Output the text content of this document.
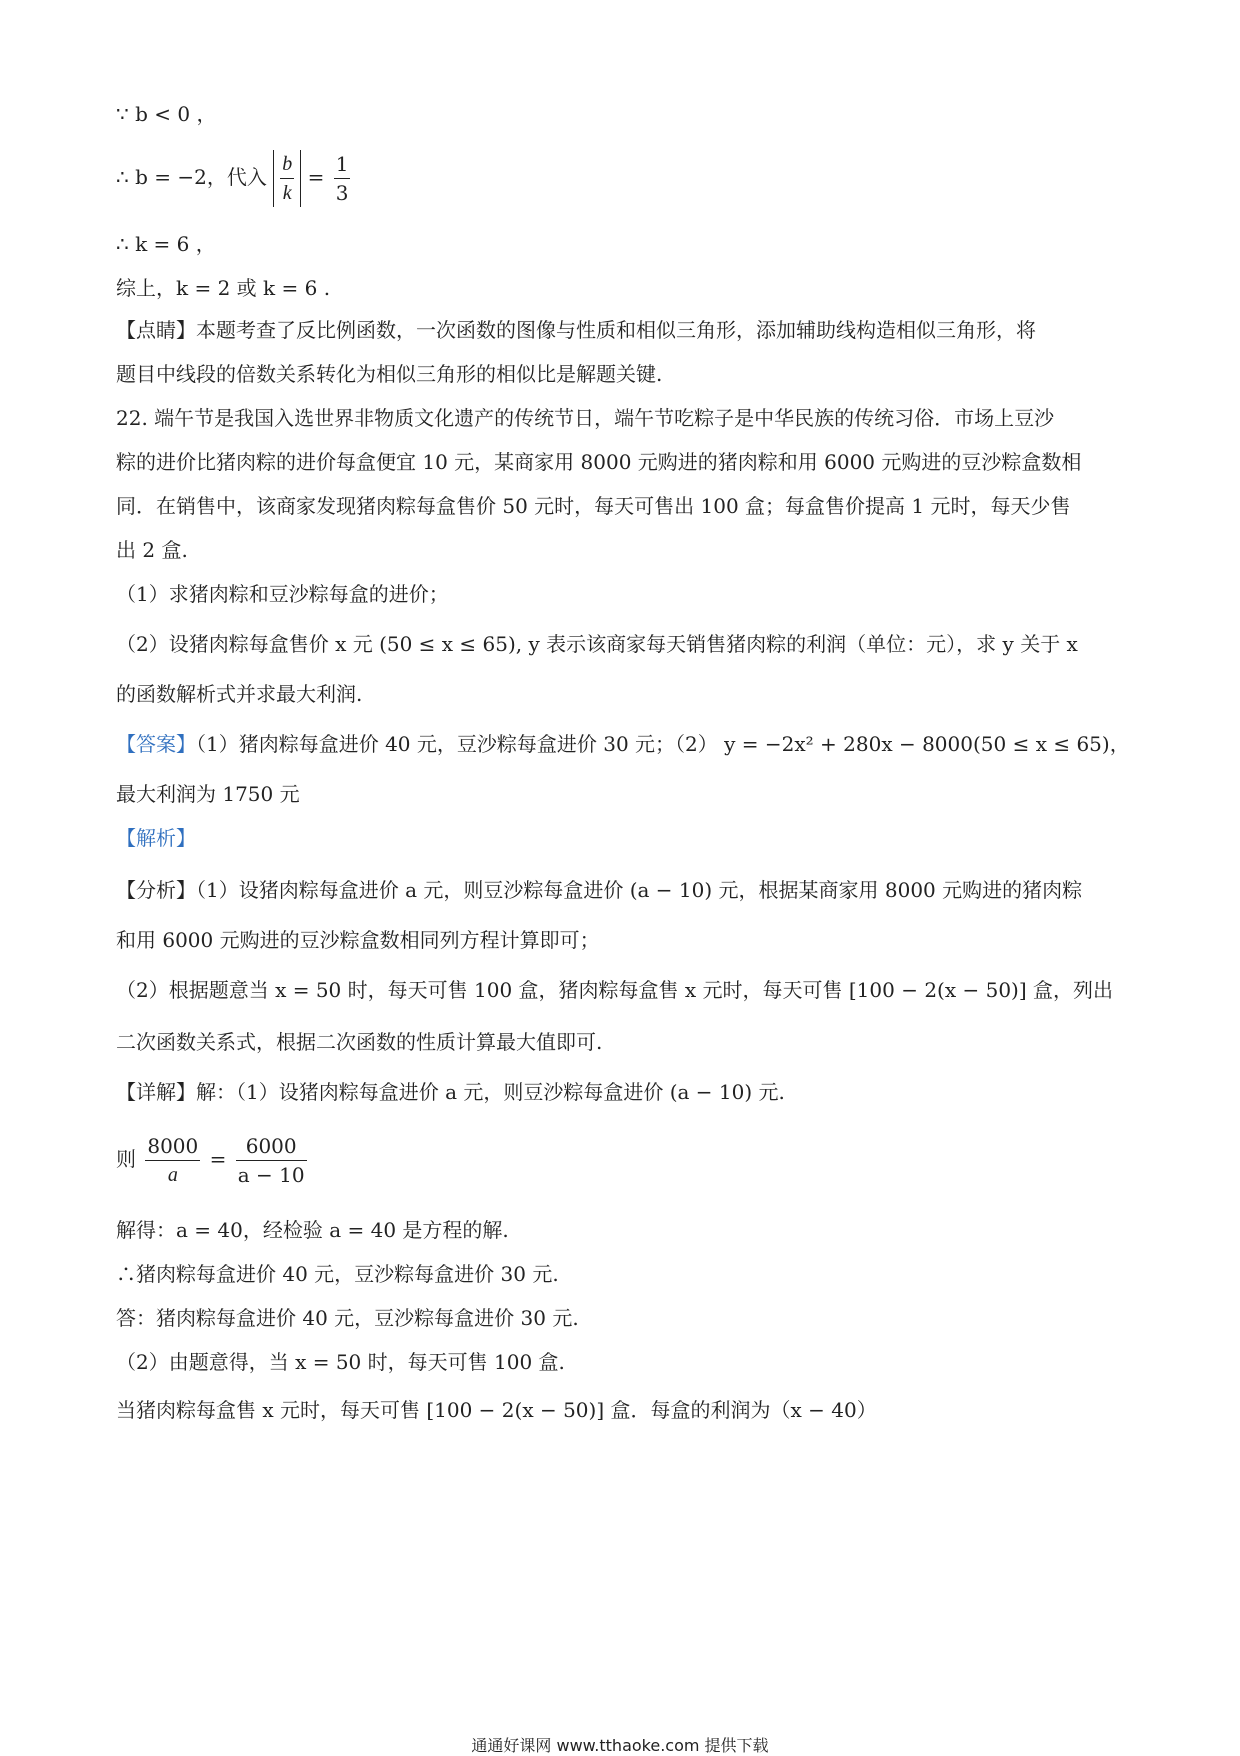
∵ b < 0 ，
∴ b = −2，代入 $\frac{b}{k} = \frac{1}{3}$
∴ k = 6 ，
综上，k = 2 或 k = 6 .
【点睛】本题考查了反比例函数，一次函数的图像与性质和相似三角形，添加辅助线构造相似三角形，将
题目中线段的倍数关系转化为相似三角形的相似比是解题关键.
22. 端午节是我国入选世界非物质文化遗产的传统节日，端午节吃粽子是中华民族的传统习俗．市场上豆沙
粽的进价比猪肉粽的进价每盒便宜 10 元，某商家用 8000 元购进的猪肉粽和用 6000 元购进的豆沙粽盒数相
同．在销售中，该商家发现猪肉粽每盒售价 50 元时，每天可售出 100 盒；每盒售价提高 1 元时，每天少售
出 2 盒.
（1）求猪肉粽和豆沙粽每盒的进价；
（2）设猪肉粽每盒售价 x 元 (50 ≤ x ≤ 65), y 表示该商家每天销售猪肉粽的利润（单位：元），求 y 关于 x
的函数解析式并求最大利润.
【答案】（1）猪肉粽每盒进价 40 元，豆沙粽每盒进价 30 元；（2） y = −2x² + 280x − 8000(50 ≤ x ≤ 65)，
最大利润为 1750 元
【解析】
【分析】（1）设猪肉粽每盒进价 a 元，则豆沙粽每盒进价 (a − 10) 元，根据某商家用 8000 元购进的猪肉粽
和用 6000 元购进的豆沙粽盒数相同列方程计算即可；
（2）根据题意当 x = 50 时，每天可售 100 盒，猪肉粽每盒售 x 元时，每天可售 [100 − 2(x − 50)] 盒，列出
二次函数关系式，根据二次函数的性质计算最大值即可.
【详解】解：（1）设猪肉粽每盒进价 a 元，则豆沙粽每盒进价 (a − 10) 元.
则 $\frac{8000}{a} = \frac{6000}{a - 10}$
解得：a = 40，经检验 a = 40 是方程的解.
∴猪肉粽每盒进价 40 元，豆沙粽每盒进价 30 元.
答：猪肉粽每盒进价 40 元，豆沙粽每盒进价 30 元.
（2）由题意得，当 x = 50 时，每天可售 100 盒.
当猪肉粽每盒售 x 元时，每天可售 [100 − 2(x − 50)] 盒．每盒的利润为（x − 40）
通通好课网 www.tthaoke.com 提供下载
